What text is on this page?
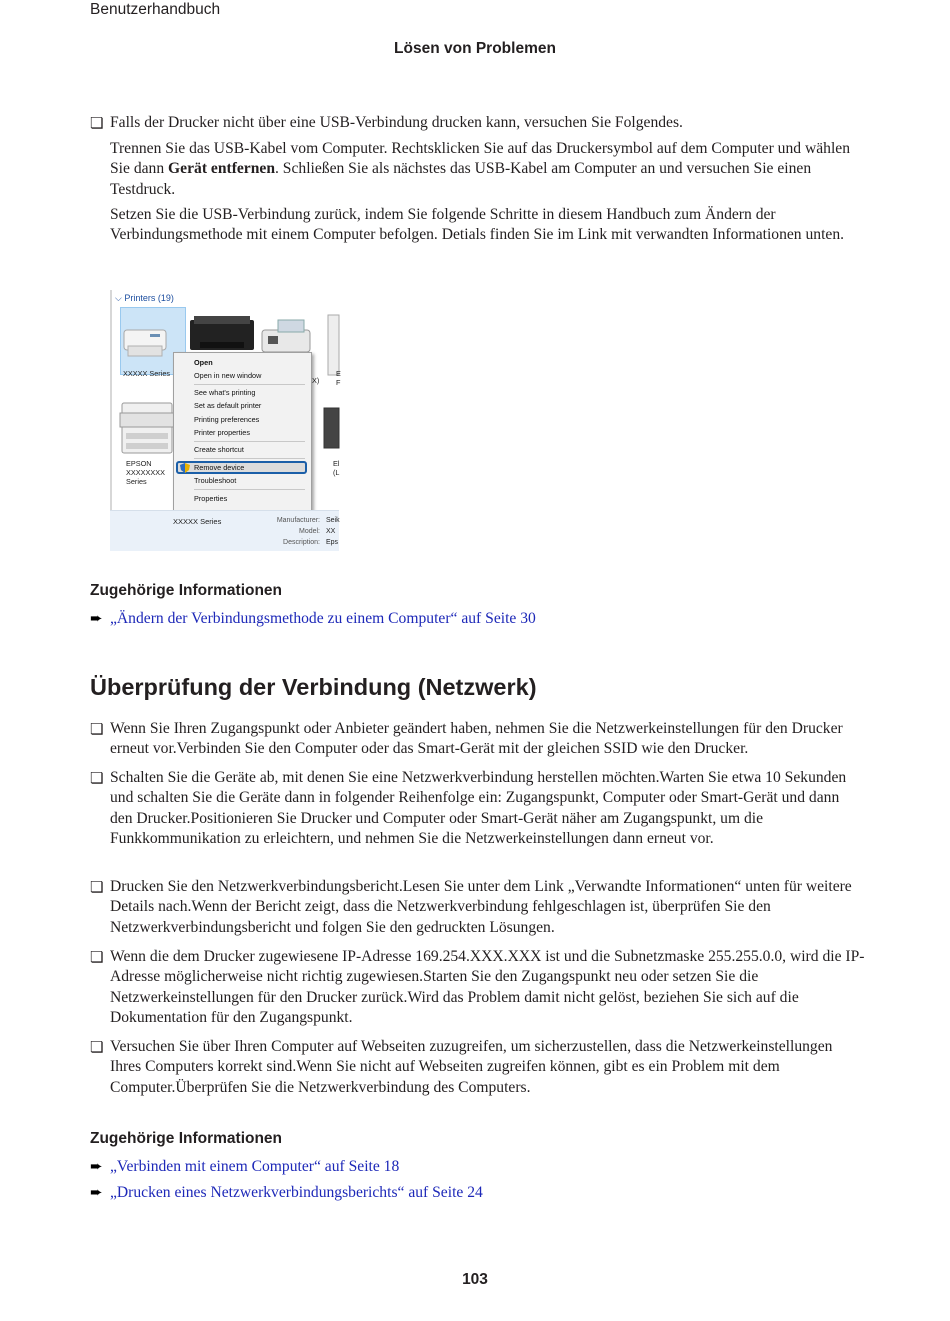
Benutzerhandbuch
Lösen von Problemen
❏ Falls der Drucker nicht über eine USB-Verbindung drucken kann, versuchen Sie Folgendes.
Trennen Sie das USB-Kabel vom Computer. Rechtsklicken Sie auf das Druckersymbol auf dem Computer und wählen Sie dann Gerät entfernen. Schließen Sie als nächstes das USB-Kabel am Computer an und versuchen Sie einen Testdruck.
Setzen Sie die USB-Verbindung zurück, indem Sie folgende Schritte in diesem Handbuch zum Ändern der Verbindungsmethode mit einem Computer befolgen. Detials finden Sie im Link mit verwandten Informationen unten.
⌵ Printers (19)
XXXXX Series
EPSON
XXXXXXXX
Series
E
F
El
(L
X)
Open
Open in new window
See what's printing
Set as default printer
Printing preferences
Printer properties
Create shortcut
Remove device
Troubleshoot
Properties
XXXXX Series	Manufacturer:
Model:
Description:
Seik
XX
Eps
Zugehörige Informationen
➨ „Ändern der Verbindungsmethode zu einem Computer“ auf Seite 30
Überprüfung der Verbindung (Netzwerk)
❏ Wenn Sie Ihren Zugangspunkt oder Anbieter geändert haben, nehmen Sie die Netzwerkeinstellungen für den Drucker erneut vor.Verbinden Sie den Computer oder das Smart-Gerät mit der gleichen SSID wie den Drucker.
❏ Schalten Sie die Geräte ab, mit denen Sie eine Netzwerkverbindung herstellen möchten.Warten Sie etwa 10 Sekunden und schalten Sie die Geräte dann in folgender Reihenfolge ein: Zugangspunkt, Computer oder Smart-Gerät und dann den Drucker.Positionieren Sie Drucker und Computer oder Smart-Gerät näher am Zugangspunkt, um die Funkkommunikation zu erleichtern, und nehmen Sie die Netzwerkeinstellungen dann erneut vor.
❏ Drucken Sie den Netzwerkverbindungsbericht.Lesen Sie unter dem Link „Verwandte Informationen“ unten für weitere Details nach.Wenn der Bericht zeigt, dass die Netzwerkverbindung fehlgeschlagen ist, überprüfen Sie den Netzwerkverbindungsbericht und folgen Sie den gedruckten Lösungen.
❏ Wenn die dem Drucker zugewiesene IP-Adresse 169.254.XXX.XXX ist und die Subnetzmaske 255.255.0.0, wird die IP-Adresse möglicherweise nicht richtig zugewiesen.Starten Sie den Zugangspunkt neu oder setzen Sie die Netzwerkeinstellungen für den Drucker zurück.Wird das Problem damit nicht gelöst, beziehen Sie sich auf die Dokumentation für den Zugangspunkt.
❏ Versuchen Sie über Ihren Computer auf Webseiten zuzugreifen, um sicherzustellen, dass die Netzwerkeinstellungen Ihres Computers korrekt sind.Wenn Sie nicht auf Webseiten zugreifen können, gibt es ein Problem mit dem Computer.Überprüfen Sie die Netzwerkverbindung des Computers.
Zugehörige Informationen
➨ „Verbinden mit einem Computer“ auf Seite 18
➨ „Drucken eines Netzwerkverbindungsberichts“ auf Seite 24
103
